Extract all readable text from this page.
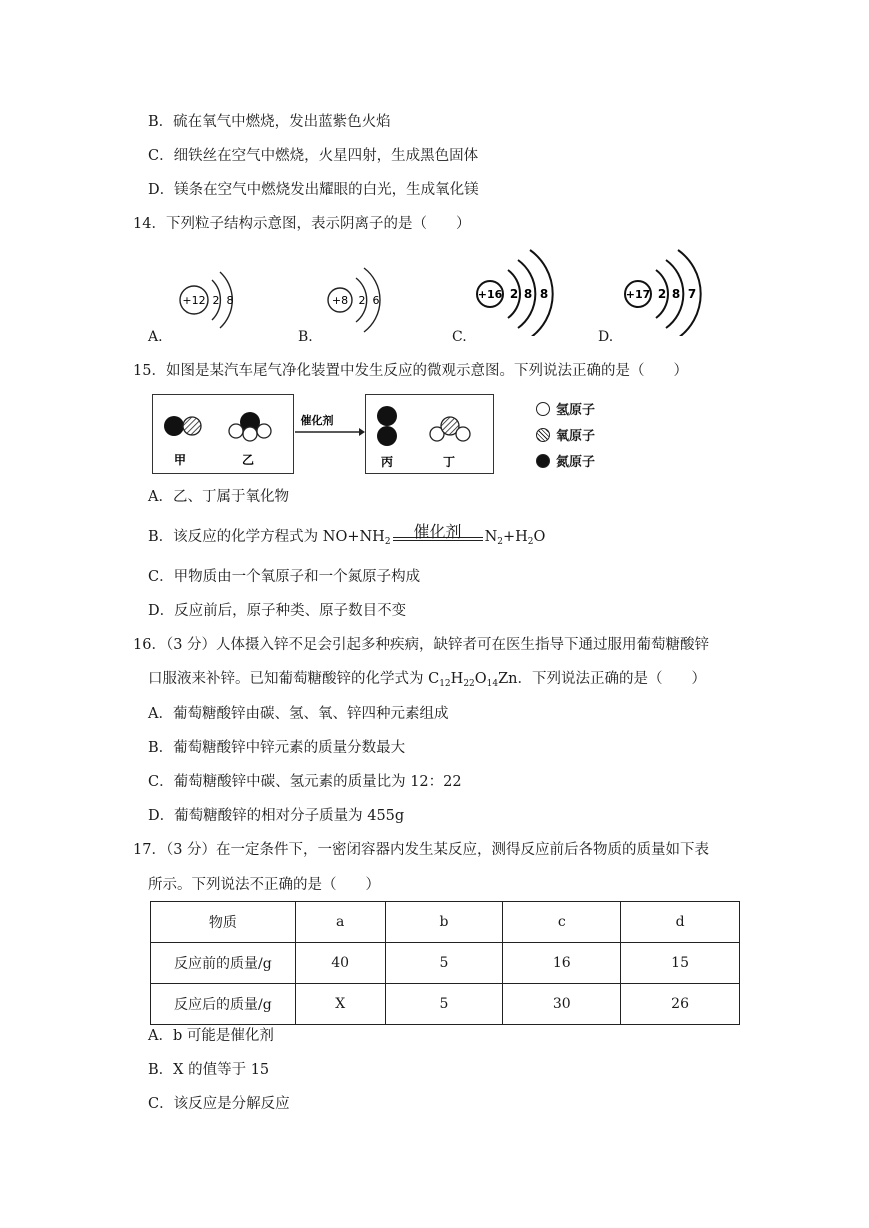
B．硫在氧气中燃烧，发出蓝紫色火焰
C．细铁丝在空气中燃烧，火星四射，生成黑色固体
D．镁条在空气中燃烧发出耀眼的白光，生成氧化镁
14．下列粒子结构示意图，表示阴离子的是（　　）
A.
+12 2 8
B.
+8 2 6
C.
+16 2 8 8
D.
+17 2 8 7
15．如图是某汽车尾气净化装置中发生反应的微观示意图。下列说法正确的是（　　）
甲	乙
催化剂
丙	丁
氢原子
氧原子
氮原子
A．乙、丁属于氧化物
B．该反应的化学方程式为 $NO+NH_2$
催化剂	$N_2+H_2O$
C．甲物质由一个氧原子和一个氮原子构成
D．反应前后，原子种类、原子数目不变
16．（3 分）人体摄入锌不足会引起多种疾病，缺锌者可在医生指导下通过服用葡萄糖酸锌
口服液来补锌。已知葡萄糖酸锌的化学式为 $C_{12}H_{22}O_{14}Zn$．下列说法正确的是（　　）
A．葡萄糖酸锌由碳、氢、氧、锌四种元素组成
B．葡萄糖酸锌中锌元素的质量分数最大
C．葡萄糖酸锌中碳、氢元素的质量比为 12：22
D．葡萄糖酸锌的相对分子质量为 455g
17．（3 分）在一定条件下，一密闭容器内发生某反应，测得反应前后各物质的质量如下表
所示。下列说法不正确的是（　　）
物质	a	b	c	d
反应前的质量/g	40	5	16	15
反应后的质量/g	X	5	30	26
A．b 可能是催化剂
B．X 的值等于 15
C．该反应是分解反应
